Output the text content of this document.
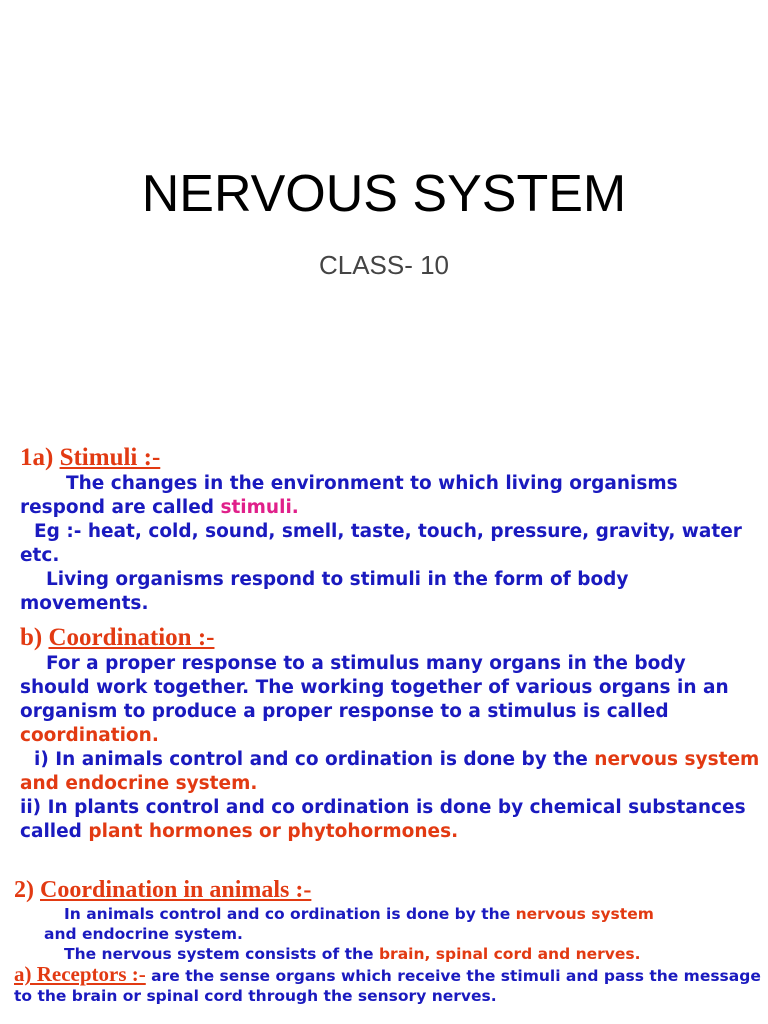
NERVOUS SYSTEM
CLASS- 10

1a) Stimuli :-

The changes in the environment to which living organisms respond are called stimuli.

Eg :- heat, cold, sound, smell, taste, touch, pressure, gravity, water etc.

Living organisms respond to stimuli in the form of body movements.

b) Coordination :-

For a proper response to a stimulus many organs in the body should work together. The working together of various organs in an organism to produce a proper response to a stimulus is called coordination.

i) In animals control and co ordination is done by the nervous system and endocrine system.

ii) In plants control and co ordination is done by chemical substances called plant hormones or phytohormones.

2) Coordination in animals :-

In animals control and co ordination is done by the nervous system
and endocrine system.

The nervous system consists of the brain, spinal cord and nerves.

a) Receptors :- are the sense organs which receive the stimuli and pass the message to the brain or spinal cord through the sensory nerves.
